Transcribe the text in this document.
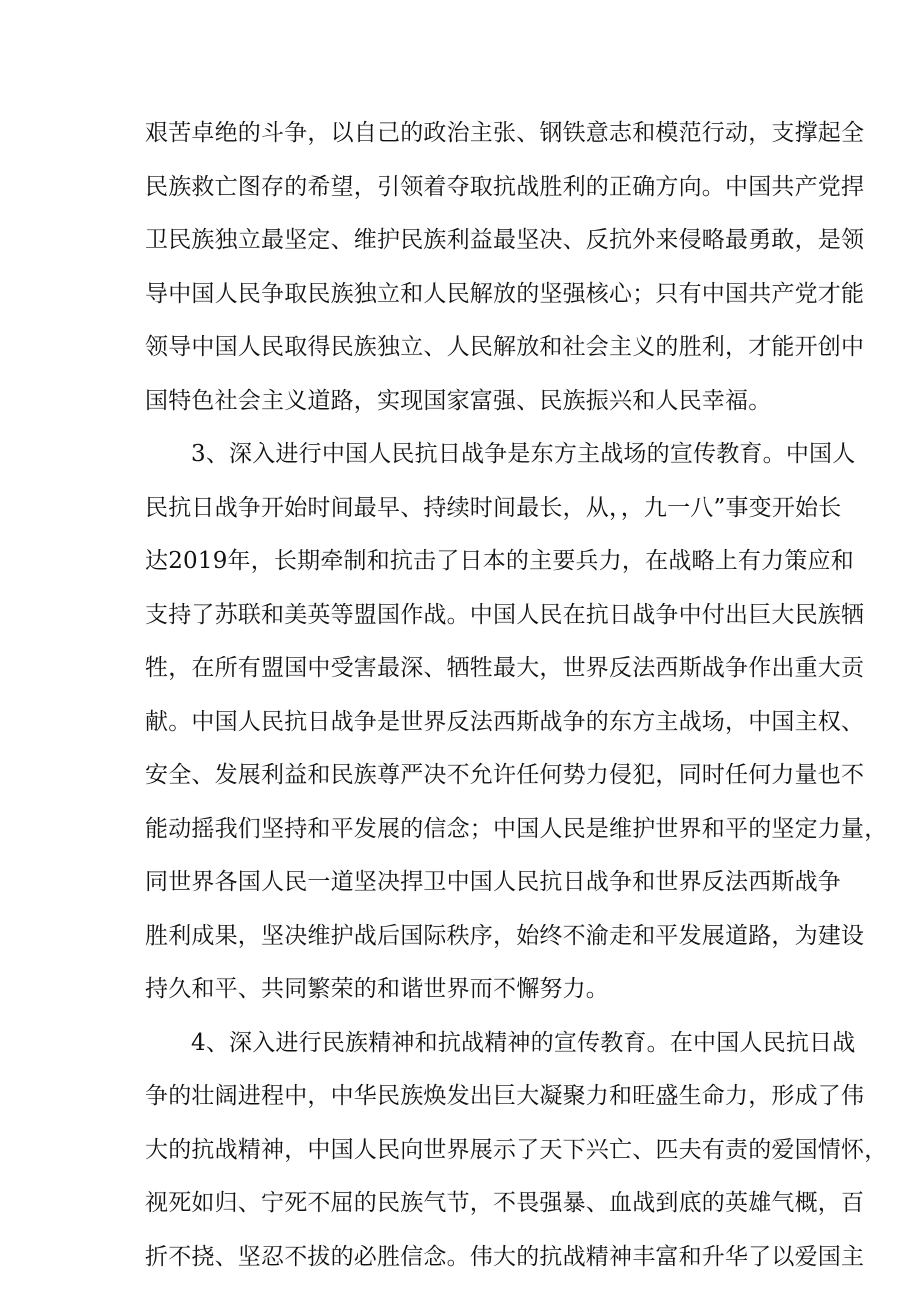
艰苦卓绝的斗争，以自己的政治主张、钢铁意志和模范行动，支撑起全
民族救亡图存的希望，引领着夺取抗战胜利的正确方向。中国共产党捍
卫民族独立最坚定、维护民族利益最坚决、反抗外来侵略最勇敢，是领
导中国人民争取民族独立和人民解放的坚强核心；只有中国共产党才能
领导中国人民取得民族独立、人民解放和社会主义的胜利，才能开创中
国特色社会主义道路，实现国家富强、民族振兴和人民幸福。
3、深入进行中国人民抗日战争是东方主战场的宣传教育。中国人
民抗日战争开始时间最早、持续时间最长，从，，九一八”事变开始长
达2019年，长期牵制和抗击了日本的主要兵力，在战略上有力策应和
支持了苏联和美英等盟国作战。中国人民在抗日战争中付出巨大民族牺
牲，在所有盟国中受害最深、牺牲最大，世界反法西斯战争作出重大贡
献。中国人民抗日战争是世界反法西斯战争的东方主战场，中国主权、
安全、发展利益和民族尊严决不允许任何势力侵犯，同时任何力量也不
能动摇我们坚持和平发展的信念；中国人民是维护世界和平的坚定力量，
同世界各国人民一道坚决捍卫中国人民抗日战争和世界反法西斯战争
胜利成果，坚决维护战后国际秩序，始终不渝走和平发展道路，为建设
持久和平、共同繁荣的和谐世界而不懈努力。
4、深入进行民族精神和抗战精神的宣传教育。在中国人民抗日战
争的壮阔进程中，中华民族焕发出巨大凝聚力和旺盛生命力，形成了伟
大的抗战精神，中国人民向世界展示了天下兴亡、匹夫有责的爱国情怀，
视死如归、宁死不屈的民族气节，不畏强暴、血战到底的英雄气概，百
折不挠、坚忍不拔的必胜信念。伟大的抗战精神丰富和升华了以爱国主
